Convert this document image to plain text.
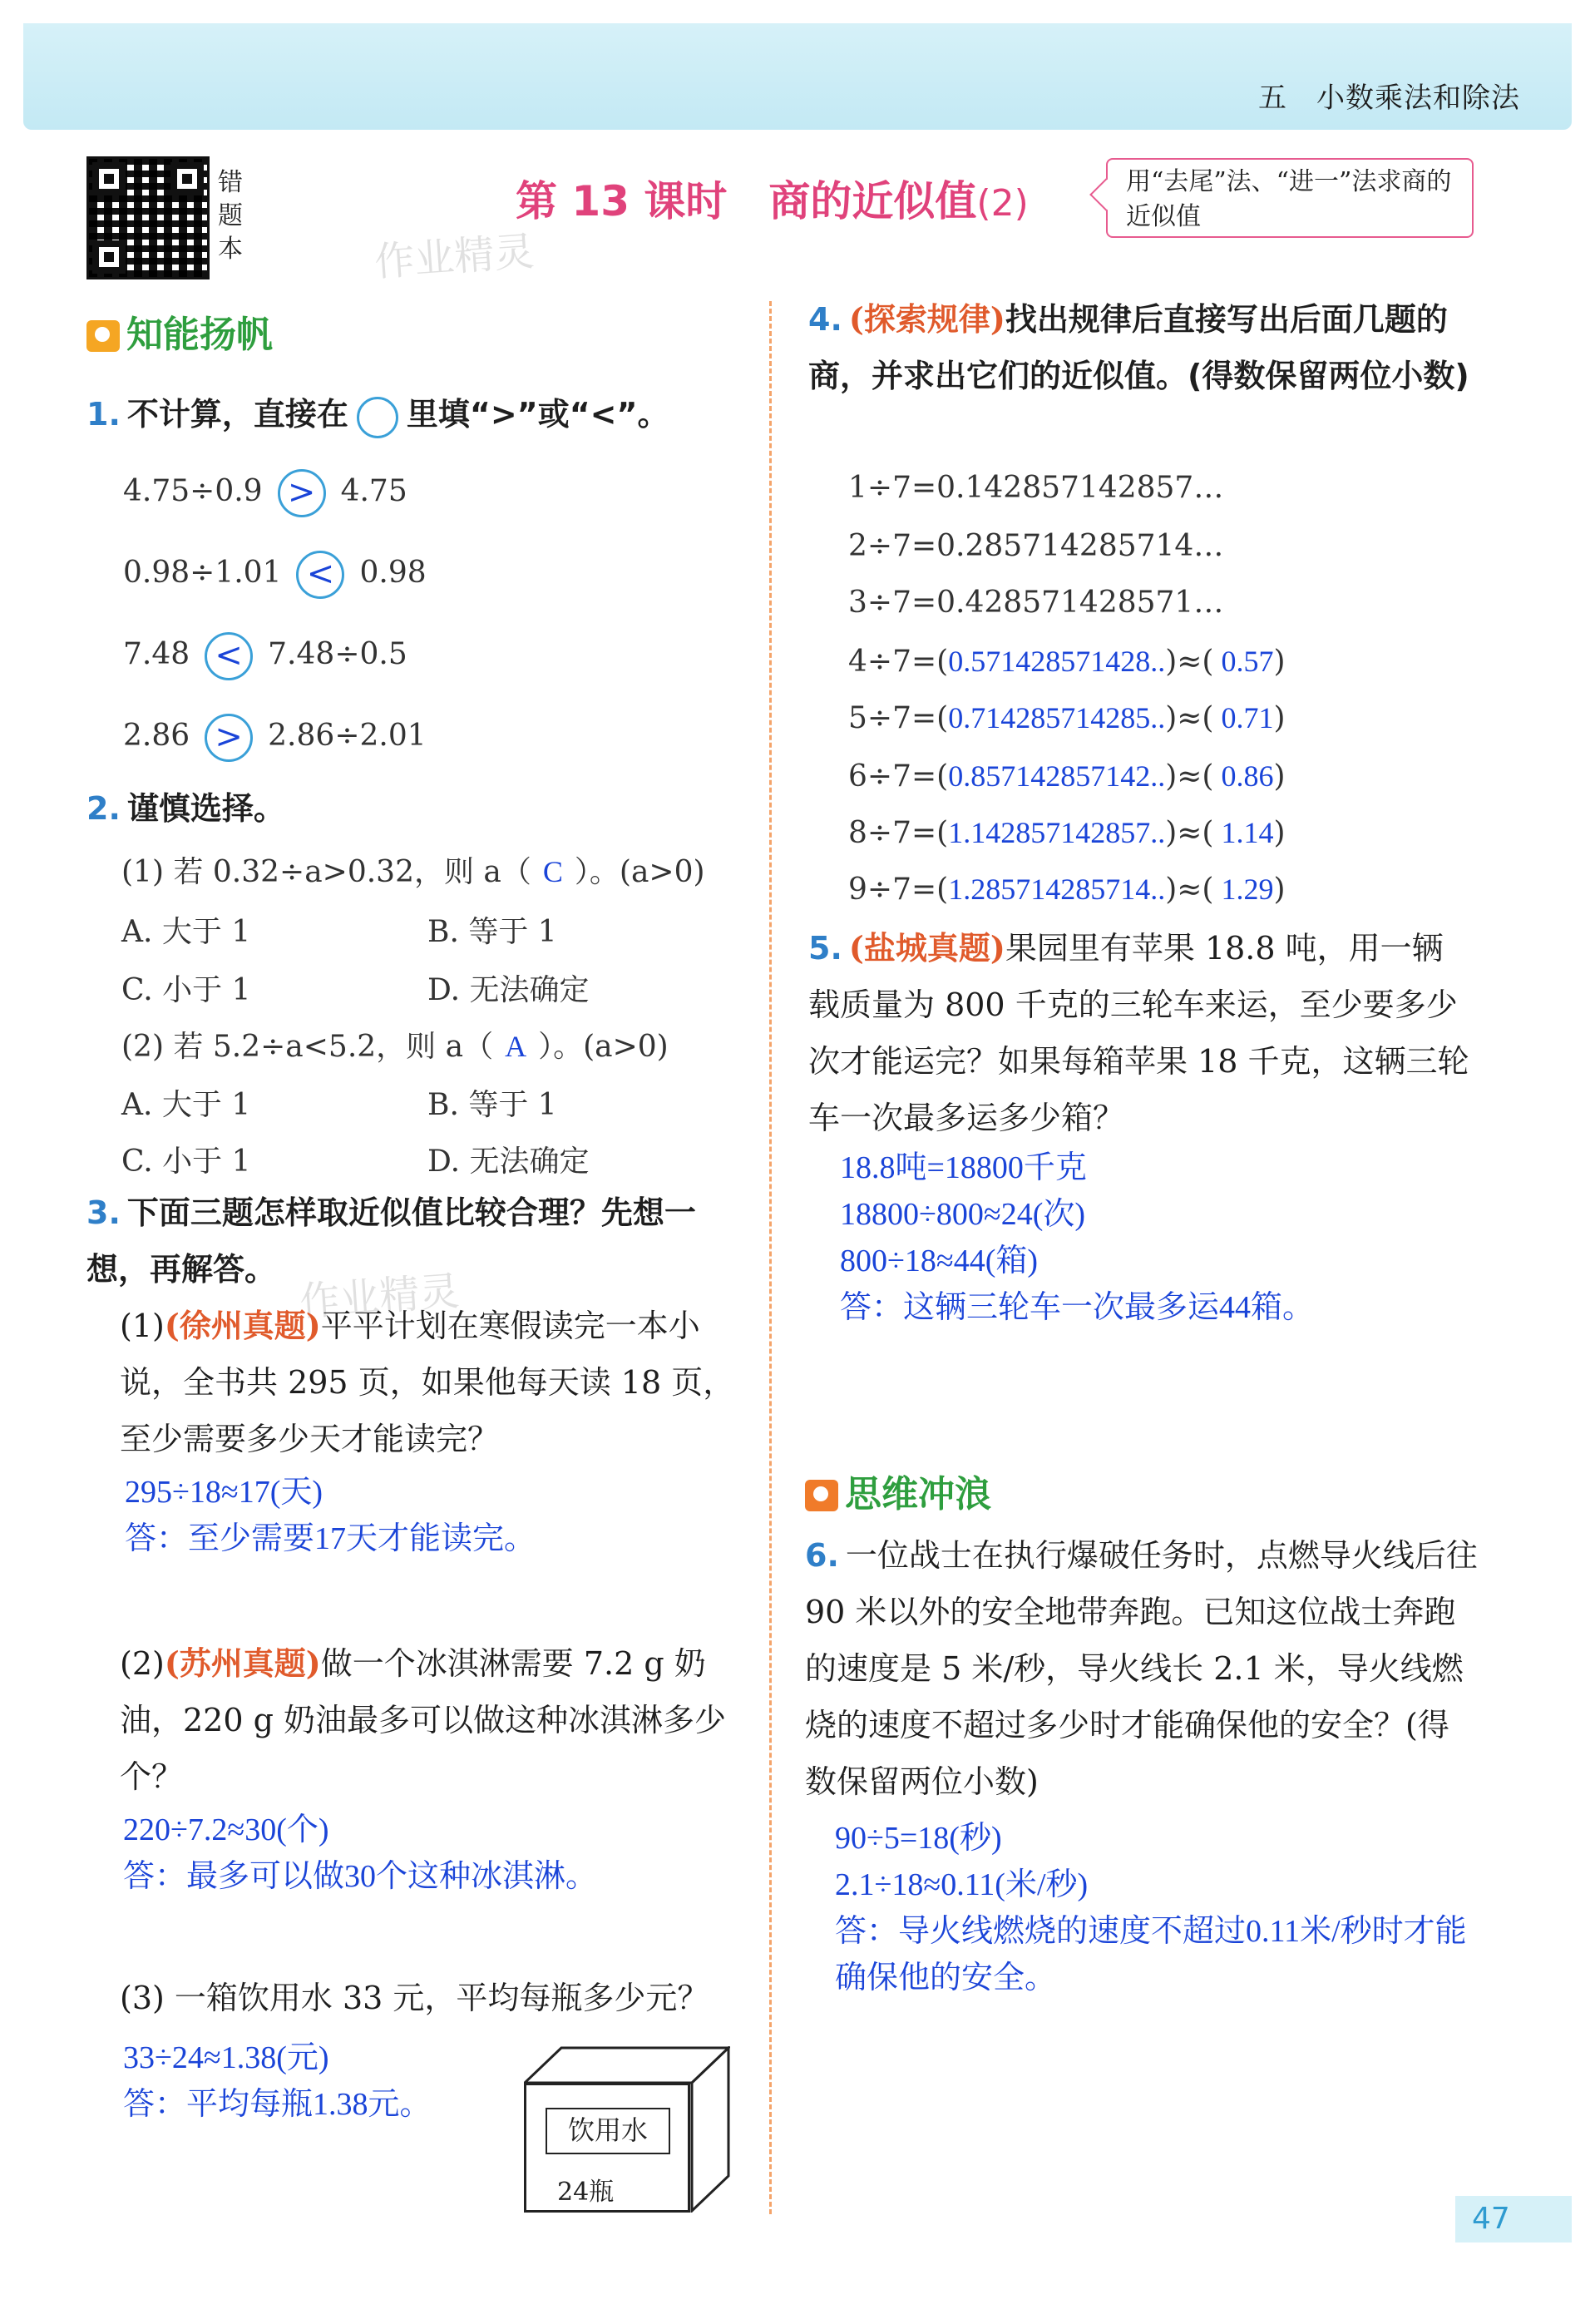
五　小数乘法和除法
错题本
第 13 课时　商的近似值(2)
用“去尾”法、“进一”法求商的近似值
作业精灵
作业精灵
知能扬帆
1. 不计算，直接在 里填“>”或“<”。
4.75÷0.9 > 4.75
0.98÷1.01 < 0.98
7.48 < 7.48÷0.5
2.86 > 2.86÷2.01
2. 谨慎选择。
(1) 若 0.32÷a>0.32，则 a（ C ）。(a>0)
A. 大于 1	B. 等于 1
C. 小于 1	D. 无法确定
(2) 若 5.2÷a<5.2，则 a（ A ）。(a>0)
A. 大于 1	B. 等于 1
C. 小于 1	D. 无法确定
3. 下面三题怎样取近似值比较合理？先想一想，再解答。
(1)(徐州真题)平平计划在寒假读完一本小说，全书共 295 页，如果他每天读 18 页，至少需要多少天才能读完？
295÷18≈17(天)
答：至少需要17天才能读完。
(2)(苏州真题)做一个冰淇淋需要 7.2 g 奶油，220 g 奶油最多可以做这种冰淇淋多少个？
220÷7.2≈30(个)
答：最多可以做30个这种冰淇淋。
(3) 一箱饮用水 33 元，平均每瓶多少元？
33÷24≈1.38(元)
答：平均每瓶1.38元。
饮用水
24瓶
4. (探索规律)找出规律后直接写出后面几题的商，并求出它们的近似值。(得数保留两位小数)
1÷7=0.142857142857…
2÷7=0.285714285714…
3÷7=0.428571428571…
4÷7=(0.571428571428..)≈( 0.57)
5÷7=(0.714285714285..)≈( 0.71)
6÷7=(0.857142857142..)≈( 0.86)
8÷7=(1.142857142857..)≈( 1.14)
9÷7=(1.285714285714..)≈( 1.29)
5. (盐城真题)果园里有苹果 18.8 吨，用一辆载质量为 800 千克的三轮车来运，至少要多少次才能运完？如果每箱苹果 18 千克，这辆三轮车一次最多运多少箱？
18.8吨=18800千克
18800÷800≈24(次)
800÷18≈44(箱)
答：这辆三轮车一次最多运44箱。
思维冲浪
6. 一位战士在执行爆破任务时，点燃导火线后往 90 米以外的安全地带奔跑。已知这位战士奔跑的速度是 5 米/秒，导火线长 2.1 米，导火线燃烧的速度不超过多少时才能确保他的安全？(得数保留两位小数)
90÷5=18(秒)
2.1÷18≈0.11(米/秒)
答：导火线燃烧的速度不超过0.11米/秒时才能
确保他的安全。
47
